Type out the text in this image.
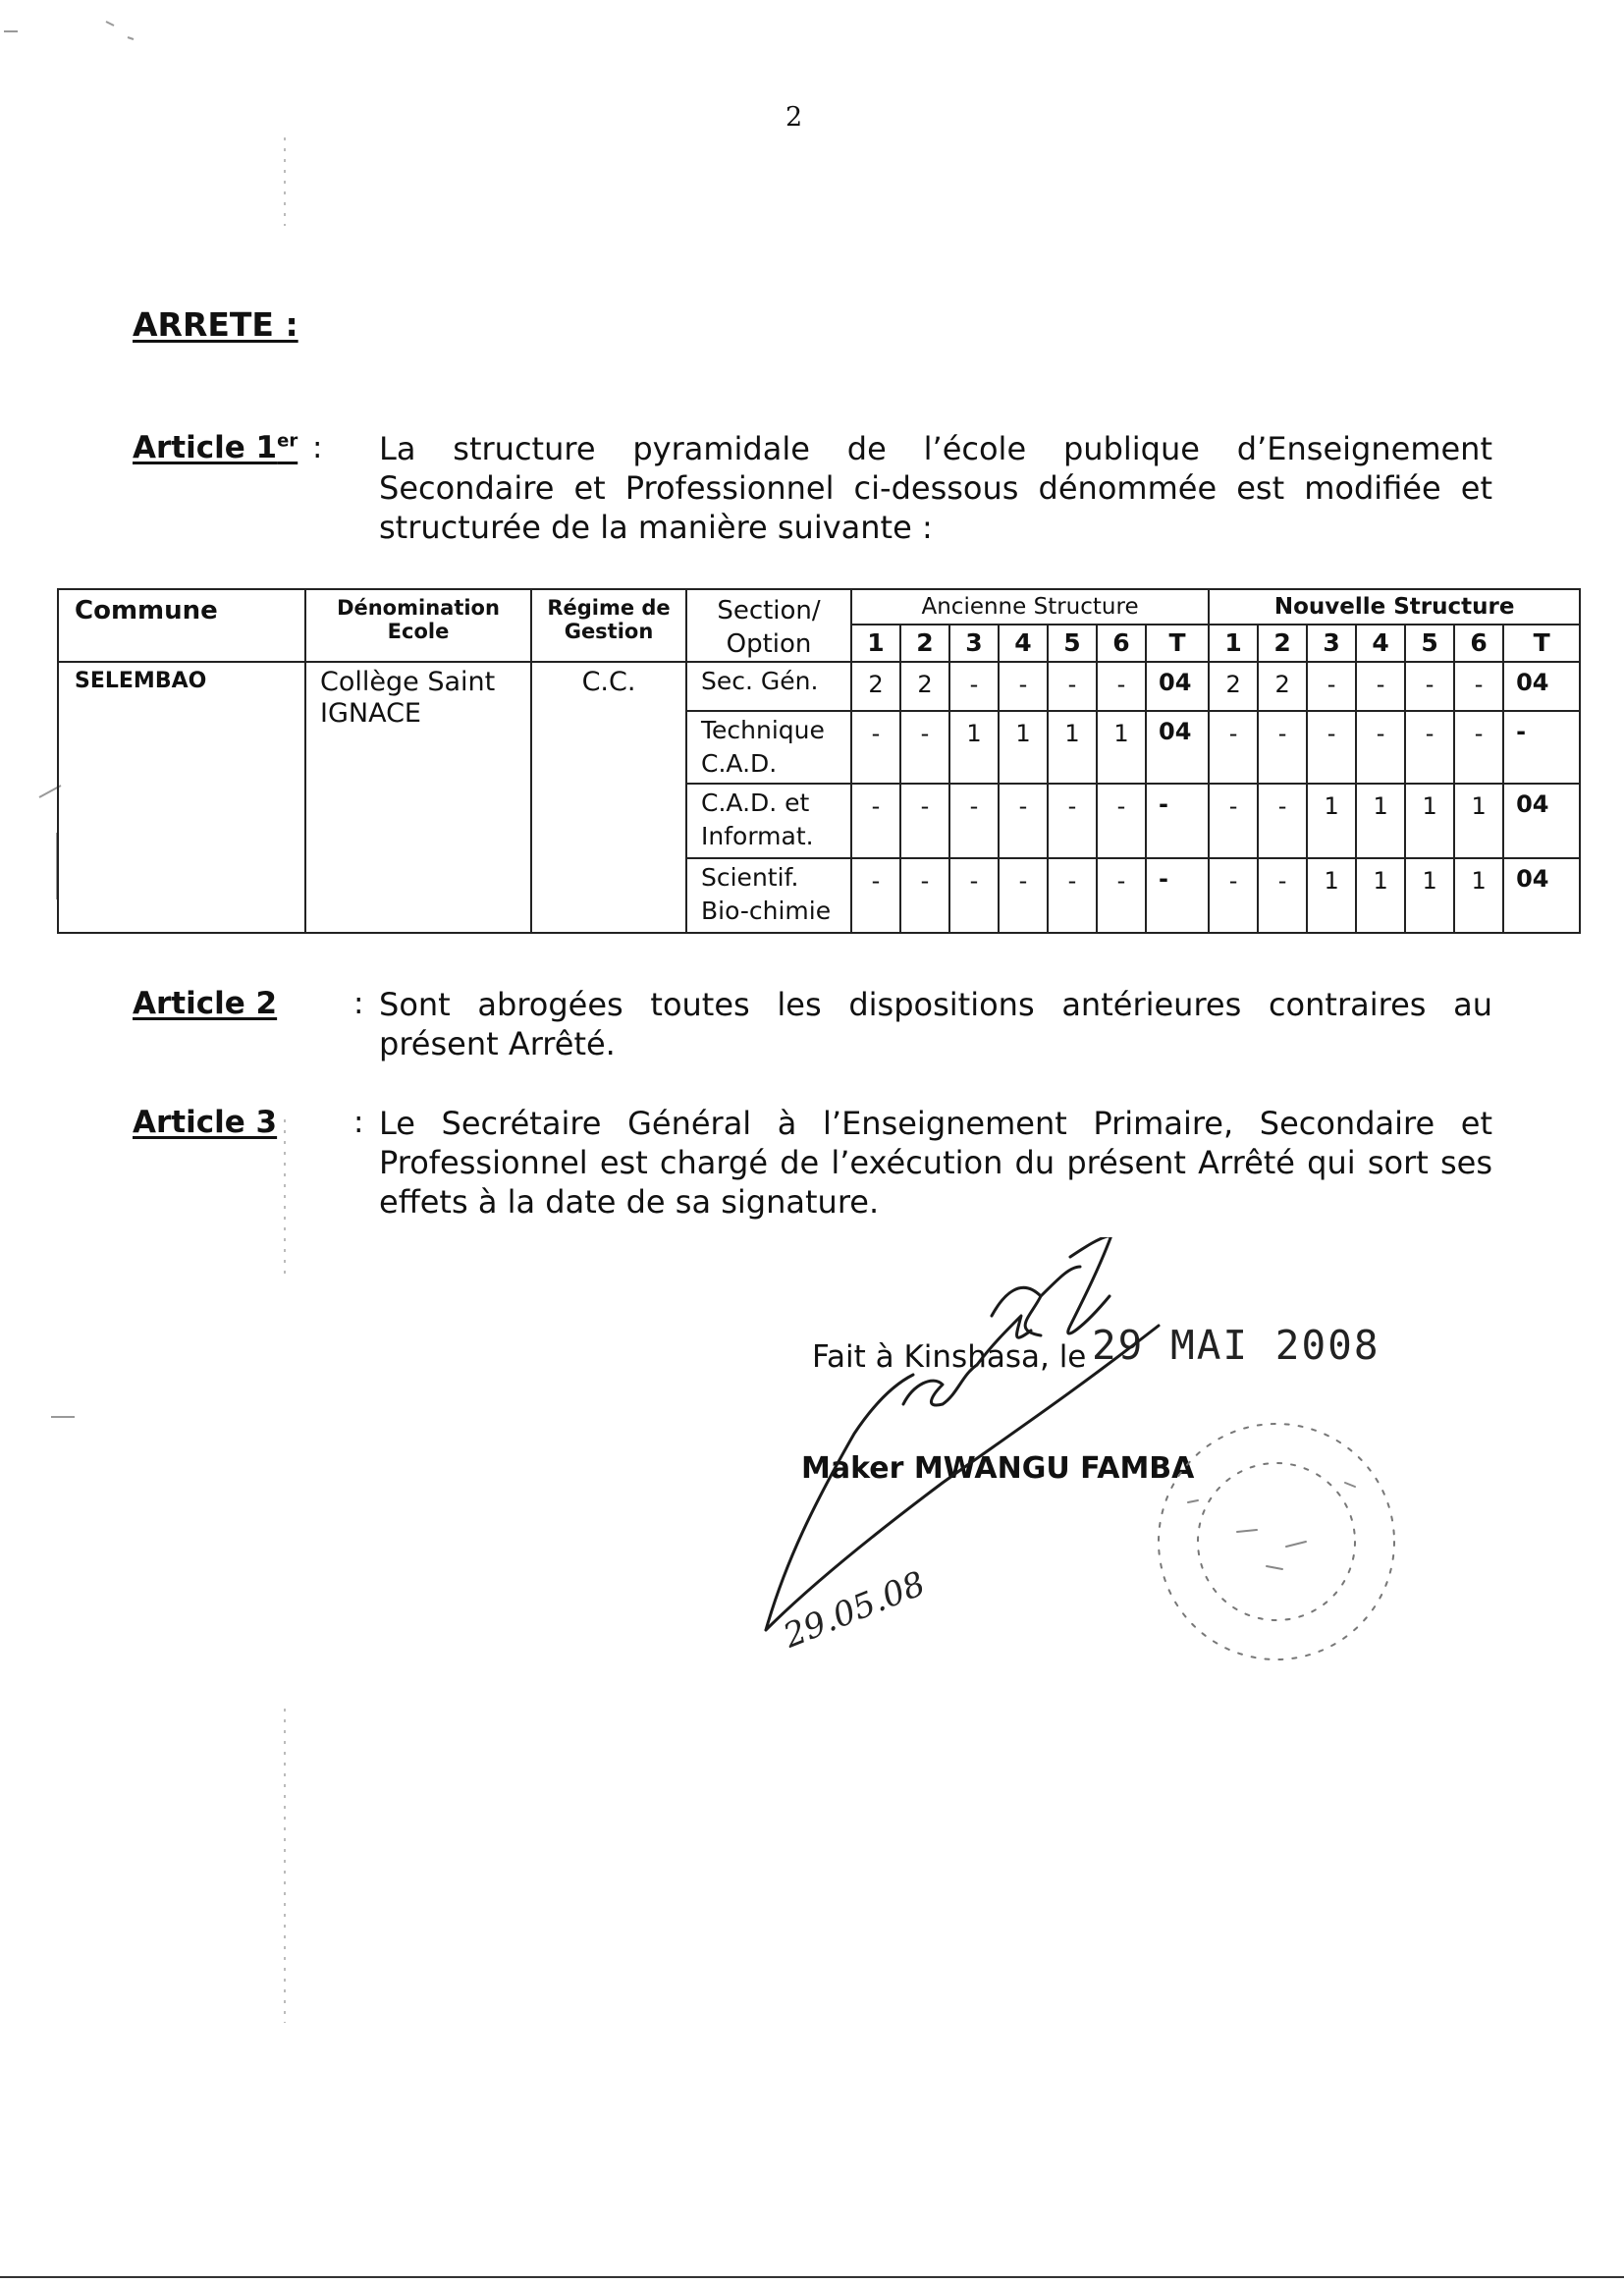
2
ARRETE :
Article 1er : La structure pyramidale de l’école publique d’Enseignement Secondaire et Professionnel ci-dessous dénommée est modifiée et structurée de la manière suivante :
Commune	Dénomination Ecole	Régime de Gestion	Section/ Option	Ancienne Structure							Nouvelle Structure						
				1	2	3	4	5	6	T	1	2	3	4	5	6	T
SELEMBAO	Collège Saint IGNACE	C.C.	Sec. Gén.	2	2	-	-	-	-	04	2	2	-	-	-	-	04
			Technique C.A.D.	-	-	1	1	1	1	04	-	-	-	-	-	-	-
			C.A.D. et Informat.	-	-	-	-	-	-	-	-	-	1	1	1	1	04
			Scientif. Bio-chimie	-	-	-	-	-	-	-	-	-	1	1	1	1	04
Article 2	: Sont abrogées toutes les dispositions antérieures contraires au présent Arrêté.
Article 3	: Le Secrétaire Général à l’Enseignement Primaire, Secondaire et Professionnel est chargé de l’exécution du présent Arrêté qui sort ses effets à la date de sa signature.
Fait à Kinshasa, le 29 MAI 2008
Maker MWANGU FAMBA
29.05.08
